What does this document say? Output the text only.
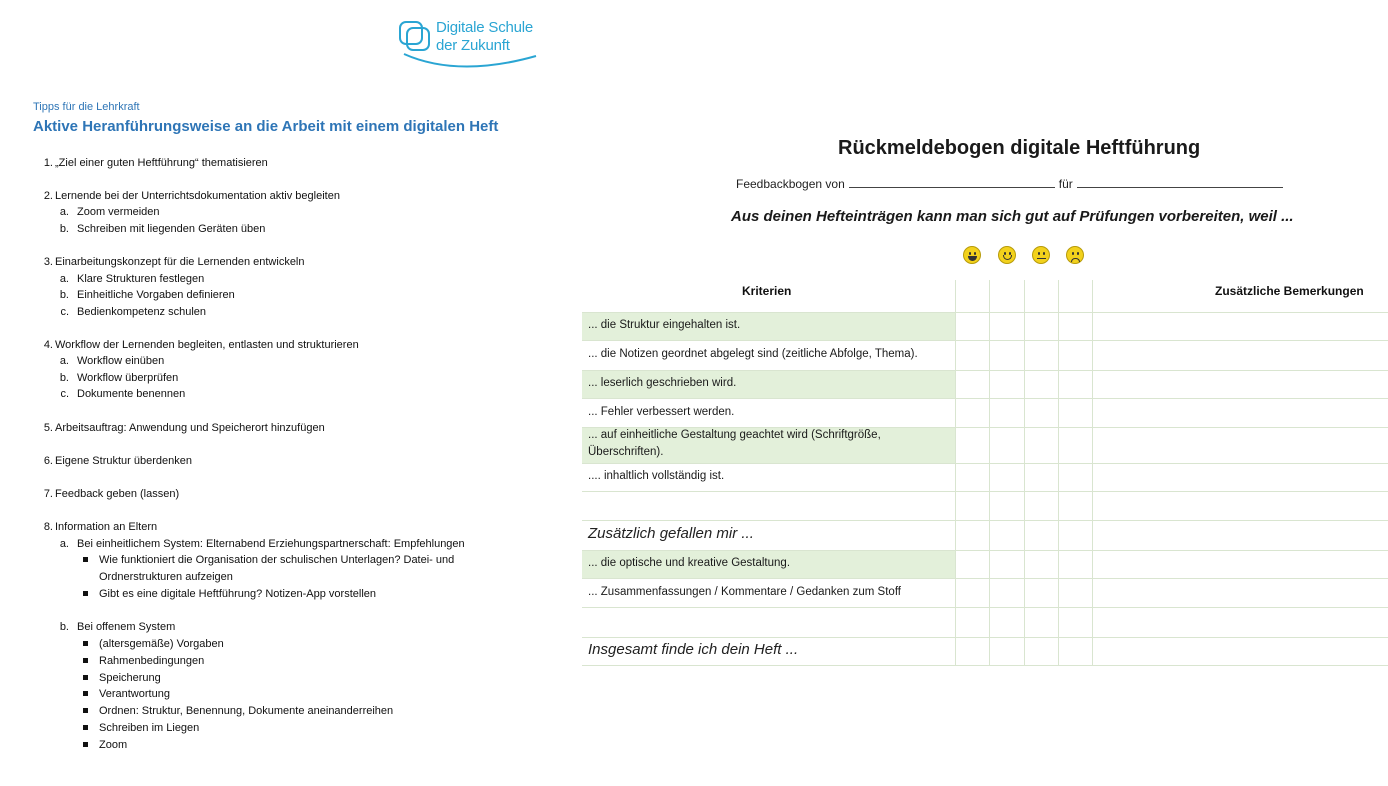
Digitale Schule
der Zukunft
Tipps für die Lehrkraft
Aktive Heranführungsweise an die Arbeit mit einem digitalen Heft
1. „Ziel einer guten Heftführung“ thematisieren
2. Lernende bei der Unterrichtsdokumentation aktiv begleiten
a. Zoom vermeiden
b. Schreiben mit liegenden Geräten üben
3. Einarbeitungskonzept für die Lernenden entwickeln
a. Klare Strukturen festlegen
b. Einheitliche Vorgaben definieren
c. Bedienkompetenz schulen
4. Workflow der Lernenden begleiten, entlasten und strukturieren
a. Workflow einüben
b. Workflow überprüfen
c. Dokumente benennen
5. Arbeitsauftrag: Anwendung und Speicherort hinzufügen
6. Eigene Struktur überdenken
7. Feedback geben (lassen)
8. Information an Eltern
a. Bei einheitlichem System: Elternabend Erziehungspartnerschaft: Empfehlungen
Wie funktioniert die Organisation der schulischen Unterlagen? Datei- und
Ordnerstrukturen aufzeigen
Gibt es eine digitale Heftführung? Notizen-App vorstellen
b. Bei offenem System
(altersgemäße) Vorgaben
Rahmenbedingungen
Speicherung
Verantwortung
Ordnen: Struktur, Benennung, Dokumente aneinanderreihen
Schreiben im Liegen
Zoom
Rückmeldebogen digitale Heftführung
Feedbackbogen von	für
Aus deinen Hefteinträgen kann man sich gut auf Prüfungen vorbereiten, weil ...
Kriterien	Zusätzliche Bemerkungen
... die Struktur eingehalten ist.
... die Notizen geordnet abgelegt sind (zeitliche Abfolge, Thema).
... leserlich geschrieben wird.
... Fehler verbessert werden.
... auf einheitliche Gestaltung geachtet wird (Schriftgröße,
Überschriften).
.... inhaltlich vollständig ist.
Zusätzlich gefallen mir ...
... die optische und kreative Gestaltung.
... Zusammenfassungen / Kommentare / Gedanken zum Stoff
Insgesamt finde ich dein Heft ...
